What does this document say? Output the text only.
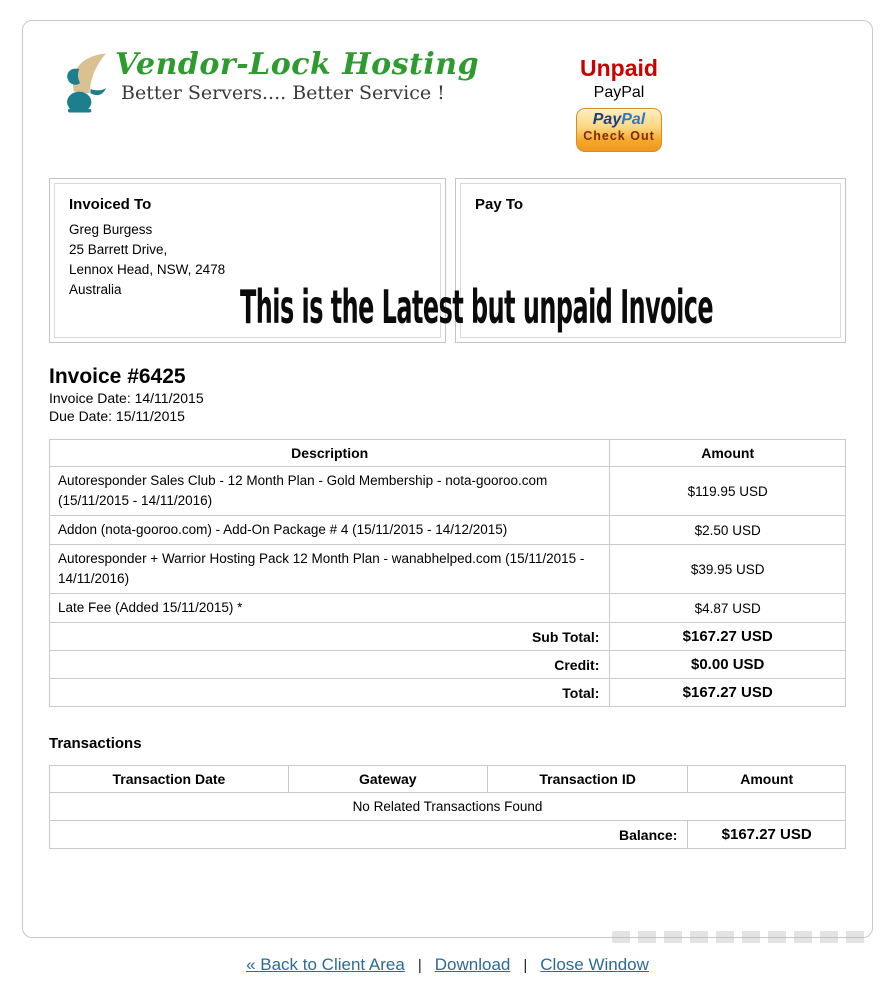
Vendor-Lock Hosting
Better Servers.... Better Service !
Unpaid
PayPal
PayPal
Check Out
Invoiced To
Greg Burgess
25 Barrett Drive,
Lennox Head, NSW, 2478
Australia
Pay To
Invoice #6425
Invoice Date: 14/11/2015
Due Date: 15/11/2015
Description	Amount
Autoresponder Sales Club - 12 Month Plan - Gold Membership - nota-gooroo.com (15/11/2015 - 14/11/2016)	$119.95 USD
Addon (nota-gooroo.com) - Add-On Package # 4 (15/11/2015 - 14/12/2015)	$2.50 USD
Autoresponder + Warrior Hosting Pack 12 Month Plan - wanabhelped.com (15/11/2015 - 14/11/2016)	$39.95 USD
Late Fee (Added 15/11/2015) *	$4.87 USD
Sub Total:	$167.27 USD
Credit:	$0.00 USD
Total:	$167.27 USD
Transactions
Transaction Date	Gateway	Transaction ID	Amount
No Related Transactions Found			
Balance:			$167.27 USD
This is the Latest but unpaid Invoice
« Back to Client Area | Download | Close Window
